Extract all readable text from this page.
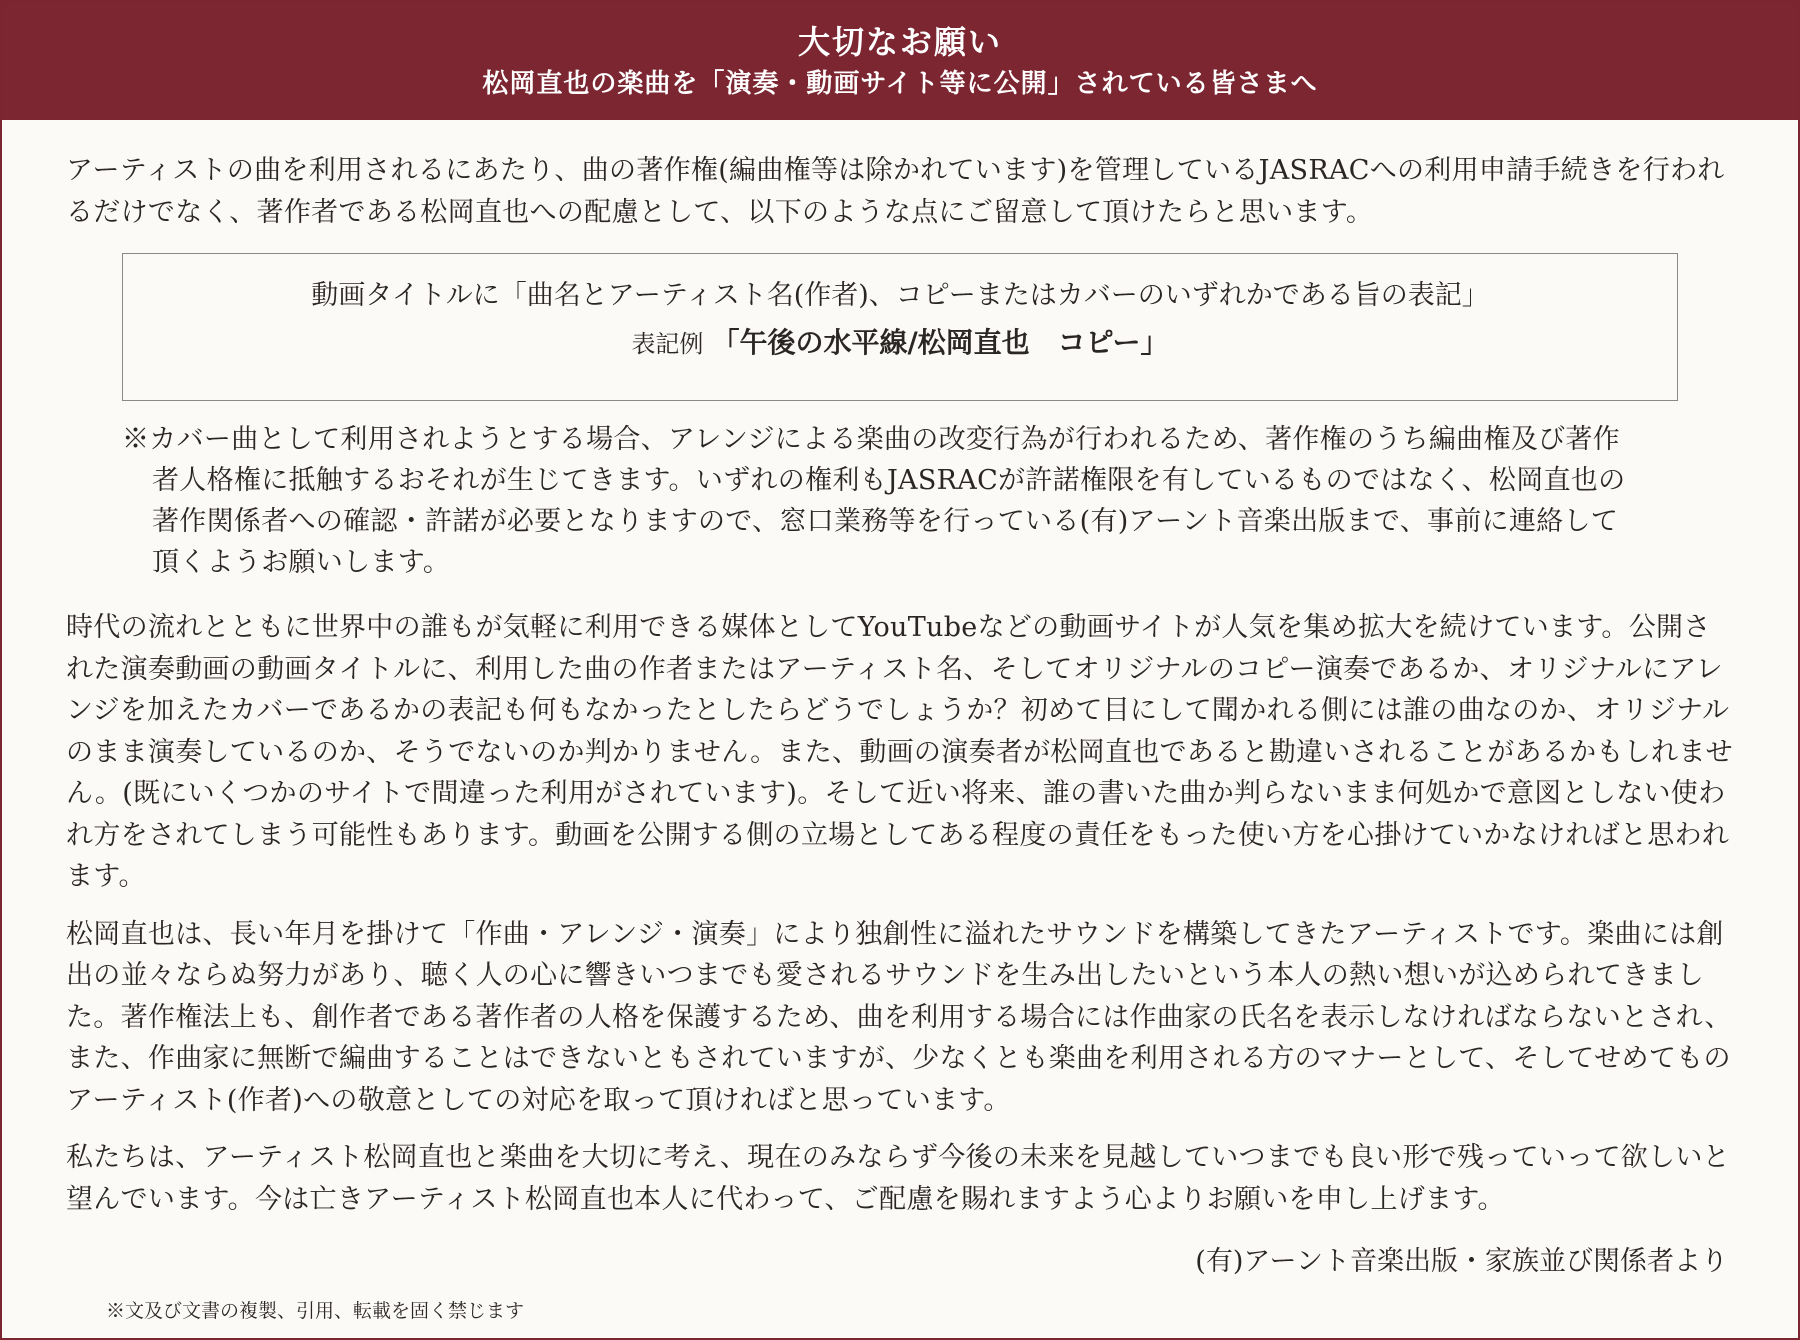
大切なお願い
松岡直也の楽曲を「演奏・動画サイト等に公開」されている皆さまへ

アーティストの曲を利用されるにあたり、曲の著作権(編曲権等は除かれています)を管理しているJASRACへの利用申請手続きを行われるだけでなく、著作者である松岡直也への配慮として、以下のような点にご留意して頂けたらと思います。

動画タイトルに「曲名とアーティスト名(作者)、コピーまたはカバーのいずれかである旨の表記」
表記例 「午後の水平線/松岡直也　コピー」

※カバー曲として利用されようとする場合、アレンジによる楽曲の改変行為が行われるため、著作権のうち編曲権及び著作者人格権に抵触するおそれが生じてきます。いずれの権利もJASRACが許諾権限を有しているものではなく、松岡直也の著作関係者への確認・許諾が必要となりますので、窓口業務等を行っている(有)アーント音楽出版まで、事前に連絡して頂くようお願いします。

時代の流れとともに世界中の誰もが気軽に利用できる媒体としてYouTubeなどの動画サイトが人気を集め拡大を続けています。公開された演奏動画の動画タイトルに、利用した曲の作者またはアーティスト名、そしてオリジナルのコピー演奏であるか、オリジナルにアレンジを加えたカバーであるかの表記も何もなかったとしたらどうでしょうか？初めて目にして聞かれる側には誰の曲なのか、オリジナルのまま演奏しているのか、そうでないのか判かりません。また、動画の演奏者が松岡直也であると勘違いされることがあるかもしれません。(既にいくつかのサイトで間違った利用がされています)。そして近い将来、誰の書いた曲か判らないまま何処かで意図としない使われ方をされてしまう可能性もあります。動画を公開する側の立場としてある程度の責任をもった使い方を心掛けていかなければと思われます。

松岡直也は、長い年月を掛けて「作曲・アレンジ・演奏」により独創性に溢れたサウンドを構築してきたアーティストです。楽曲には創出の並々ならぬ努力があり、聴く人の心に響きいつまでも愛されるサウンドを生み出したいという本人の熱い想いが込められてきました。著作権法上も、創作者である著作者の人格を保護するため、曲を利用する場合には作曲家の氏名を表示しなければならないとされ、また、作曲家に無断で編曲することはできないともされていますが、少なくとも楽曲を利用される方のマナーとして、そしてせめてものアーティスト(作者)への敬意としての対応を取って頂ければと思っています。

私たちは、アーティスト松岡直也と楽曲を大切に考え、現在のみならず今後の未来を見越していつまでも良い形で残っていって欲しいと望んでいます。今は亡きアーティスト松岡直也本人に代わって、ご配慮を賜れますよう心よりお願いを申し上げます。

(有)アーント音楽出版・家族並び関係者より
※文及び文書の複製、引用、転載を固く禁じます
